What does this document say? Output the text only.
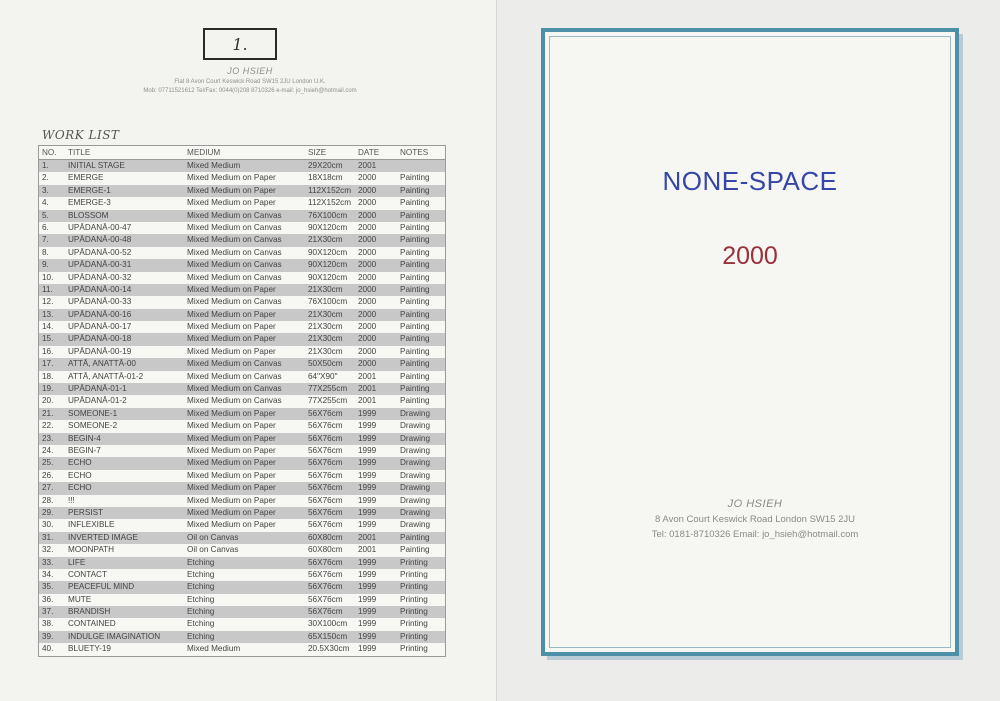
1.
JO HSIEH
Flat 8 Avon Court Keswick Road SW15 2JU London U.K.
Mob: 07711521612 Tel/Fax: 0044(0)208 8710326 e-mail: jo_hsieh@hotmail.com
WORK LIST
NO.	TITLE	MEDIUM	SIZE	DATE	NOTES
1.	INITIAL STAGE	Mixed Medium	29X20cm	2001
2.	EMERGE	Mixed Medium on Paper	18X18cm	2000	Painting
3.	EMERGE-1	Mixed Medium on Paper	112X152cm 2000	Painting
4.	EMERGE-3	Mixed Medium on Paper	112X152cm 2000	Painting
5.	BLOSSOM	Mixed Medium on Canvas	76X100cm	2000	Painting
6.	UPĀDANĀ-00-47	Mixed Medium on Canvas	90X120cm	2000	Painting
7.	UPĀDANĀ-00-48	Mixed Medium on Canvas	21X30cm	2000	Painting
8.	UPĀDANĀ-00-52	Mixed Medium on Canvas	90X120cm	2000	Painting
9.	UPĀDANĀ-00-31	Mixed Medium on Canvas	90X120cm	2000	Painting
10.	UPĀDANĀ-00-32	Mixed Medium on Canvas	90X120cm	2000	Painting
11.	UPĀDANĀ-00-14	Mixed Medium on Paper	21X30cm	2000	Painting
12.	UPĀDANĀ-00-33	Mixed Medium on Canvas	76X100cm	2000	Painting
13.	UPĀDANĀ-00-16	Mixed Medium on Paper	21X30cm	2000	Painting
14.	UPĀDANĀ-00-17	Mixed Medium on Paper	21X30cm	2000	Painting
15.	UPĀDANĀ-00-18	Mixed Medium on Paper	21X30cm	2000	Painting
16.	UPĀDANĀ-00-19	Mixed Medium on Paper	21X30cm	2000	Painting
17.	ATTĀ, ANATTĀ-00	Mixed Medium on Canvas	50X50cm	2000	Painting
18.	ATTĀ, ANATTĀ-01-2	Mixed Medium on Canvas	64"X90"	2001	Painting
19.	UPĀDANĀ-01-1	Mixed Medium on Canvas	77X255cm	2001	Painting
20.	UPĀDANĀ-01-2	Mixed Medium on Canvas	77X255cm	2001	Painting
21.	SOMEONE-1	Mixed Medium on Paper	56X76cm	1999	Drawing
22.	SOMEONE-2	Mixed Medium on Paper	56X76cm	1999	Drawing
23.	BEGIN-4	Mixed Medium on Paper	56X76cm	1999	Drawing
24.	BEGIN-7	Mixed Medium on Paper	56X76cm	1999	Drawing
25.	ECHO	Mixed Medium on Paper	56X76cm	1999	Drawing
26.	ECHO	Mixed Medium on Paper	56X76cm	1999	Drawing
27.	ECHO	Mixed Medium on Paper	56X76cm	1999	Drawing
28.	!!!	Mixed Medium on Paper	56X76cm	1999	Drawing
29.	PERSIST	Mixed Medium on Paper	56X76cm	1999	Drawing
30.	INFLEXIBLE	Mixed Medium on Paper	56X76cm	1999	Drawing
31.	INVERTED IMAGE	Oil on Canvas	60X80cm	2001	Painting
32.	MOONPATH	Oil on Canvas	60X80cm	2001	Painting
33.	LIFE	Etching	56X76cm	1999	Printing
34.	CONTACT	Etching	56X76cm	1999	Printing
35.	PEACEFUL MIND	Etching	56X76cm	1999	Printing
36.	MUTE	Etching	56X76cm	1999	Printing
37.	BRANDISH	Etching	56X76cm	1999	Printing
38.	CONTAINED	Etching	30X100cm	1999	Printing
39.	INDULGE IMAGINATION	Etching	65X150cm	1999	Printing
40.	BLUETY-19	Mixed Medium	20.5X30cm	1999	Printing
NONE-SPACE
2000
JO HSIEH
8 Avon Court Keswick Road London SW15 2JU
Tel: 0181-8710326 Email: jo_hsieh@hotmail.com
